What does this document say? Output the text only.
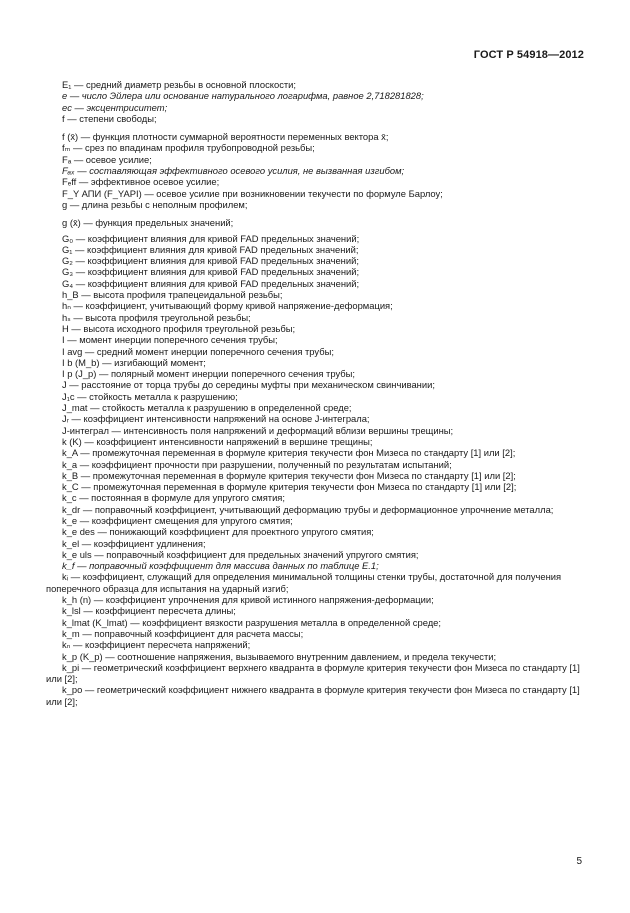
ГОСТ Р 54918—2012

E₁ — средний диаметр резьбы в основной плоскости;

e — число Эйлера или основание натурального логарифма, равное 2,718281828;

ec — эксцентриситет;

f — степени свободы;

f (x̄) — функция плотности суммарной вероятности переменных вектора x̄;

fₘ — срез по впадинам профиля трубопроводной резьбы;

Fₐ — осевое усилие;

Fₐₓ — составляющая эффективного осевого усилия, не вызванная изгибом;

Fₑff — эффективное осевое усилие;

F_Y АПИ (F_YAPI) — осевое усилие при возникновении текучести по формуле Барлоу;

g — длина резьбы с неполным профилем;

g (x̄) — функция предельных значений;

G₀ — коэффициент влияния для кривой FAD предельных значений;

G₁ — коэффициент влияния для кривой FAD предельных значений;

G₂ — коэффициент влияния для кривой FAD предельных значений;

G₃ — коэффициент влияния для кривой FAD предельных значений;

G₄ — коэффициент влияния для кривой FAD предельных значений;

h_B — высота профиля трапецеидальной резьбы;

hₙ — коэффициент, учитывающий форму кривой напряжение-деформация;

hₛ — высота профиля треугольной резьбы;

H — высота исходного профиля треугольной резьбы;

I — момент инерции поперечного сечения трубы;

I avg — средний момент инерции поперечного сечения трубы;

I b (M_b) — изгибающий момент;

I p (J_p) — полярный момент инерции поперечного сечения трубы;

J — расстояние от торца трубы до середины муфты при механическом свинчивании;

J₁c — стойкость металла к разрушению;

J_mat — стойкость металла к разрушению в определенной среде;

Jᵣ — коэффициент интенсивности напряжений на основе J-интеграла;

J-интеграл — интенсивность поля напряжений и деформаций вблизи вершины трещины;

k (K) — коэффициент интенсивности напряжений в вершине трещины;

k_A — промежуточная переменная в формуле критерия текучести фон Мизеса по стандарту [1] или [2];

k_a — коэффициент прочности при разрушении, полученный по результатам испытаний;

k_B — промежуточная переменная в формуле критерия текучести фон Мизеса по стандарту [1] или [2];

k_C — промежуточная переменная в формуле критерия текучести фон Мизеса по стандарту [1] или [2];

k_c — постоянная в формуле для упругого смятия;

k_dr — поправочный коэффициент, учитывающий деформацию трубы и деформационное упрочнение металла;

k_e — коэффициент смещения для упругого смятия;

k_e des — понижающий коэффициент для проектного упругого смятия;

k_el — коэффициент удлинения;

k_e uls — поправочный коэффициент для предельных значений упругого смятия;

k_f — поправочный коэффициент для массива данных по таблице Е.1;

kᵢ — коэффициент, служащий для определения минимальной толщины стенки трубы, достаточной для получения поперечного образца для испытания на ударный изгиб;

k_h (n) — коэффициент упрочнения для кривой истинного напряжения-деформации;

k_lsl — коэффициент пересчета длины;

k_lmat (K_lmat) — коэффициент вязкости разрушения металла в определенной среде;

k_m — поправочный коэффициент для расчета массы;

kₙ — коэффициент пересчета напряжений;

k_p (K_p) — соотношение напряжения, вызываемого внутренним давлением, и предела текучести;

k_pi — геометрический коэффициент верхнего квадранта в формуле критерия текучести фон Мизеса по стандарту [1] или [2];

k_po — геометрический коэффициент нижнего квадранта в формуле критерия текучести фон Мизеса по стандарту [1] или [2];

5
